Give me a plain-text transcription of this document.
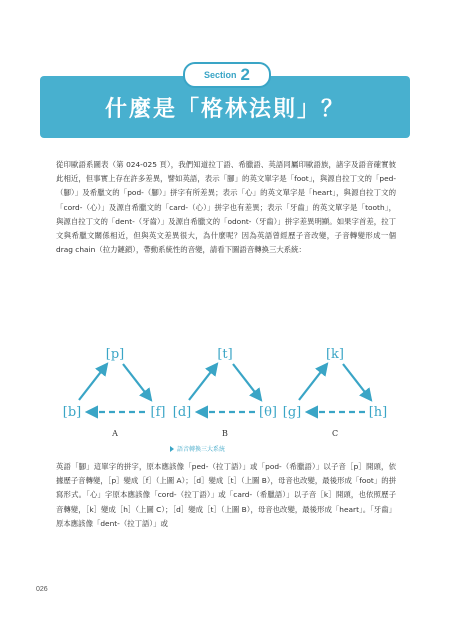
Section 2
什麼是「格林法則」？

從印歐語系圖表（第 024-025 頁），我們知道拉丁語、希臘語、英語同屬印歐語族，諸字及語音確實彼此相近，但事實上存在許多差異，譬如英語，表示「腳」的英文單字是「foot」，與源自拉丁文的「ped-（腳）」及希臘文的「pod-（腳）」拼字有所差異；表示「心」的英文單字是「heart」，與源自拉丁文的「cord-（心）」及源自希臘文的「card-（心）」拼字也有差異；表示「牙齒」的英文單字是「tooth」，與源自拉丁文的「dent-（牙齒）」及源自希臘文的「odont-（牙齒）」拼字差異明顯。如果字首差，拉丁文與希臘文關係相近，但與英文差異很大，為什麼呢？因為英語曾經歷子音改變，子音轉變形成一個 drag chain（拉力鏈鎖），帶動系統性的音變，請看下圖語音轉換三大系統：

[p]
[b]	[f]
A
[t]
[d]	[θ]
B
[k]
[g]	[h]
C
語音轉換三大系統

英語「腳」這單字的拼字，原本應該像「ped-（拉丁語）」或「pod-（希臘語）」以子音［p］開頭，依據歷子音轉變，［p］變成［f］（上圖 A）；［d］變成［t］（上圖 B），母音也改變，最後形成「foot」的拼寫形式。「心」字原本應該像「cord-（拉丁語）」或「card-（希臘語）」以子音［k］開頭，也依照歷子音轉變，［k］變成［h］（上圖 C）；［d］變成［t］（上圖 B），母音也改變，最後形成「heart」。「牙齒」原本應該像「dent-（拉丁語）」或

026
